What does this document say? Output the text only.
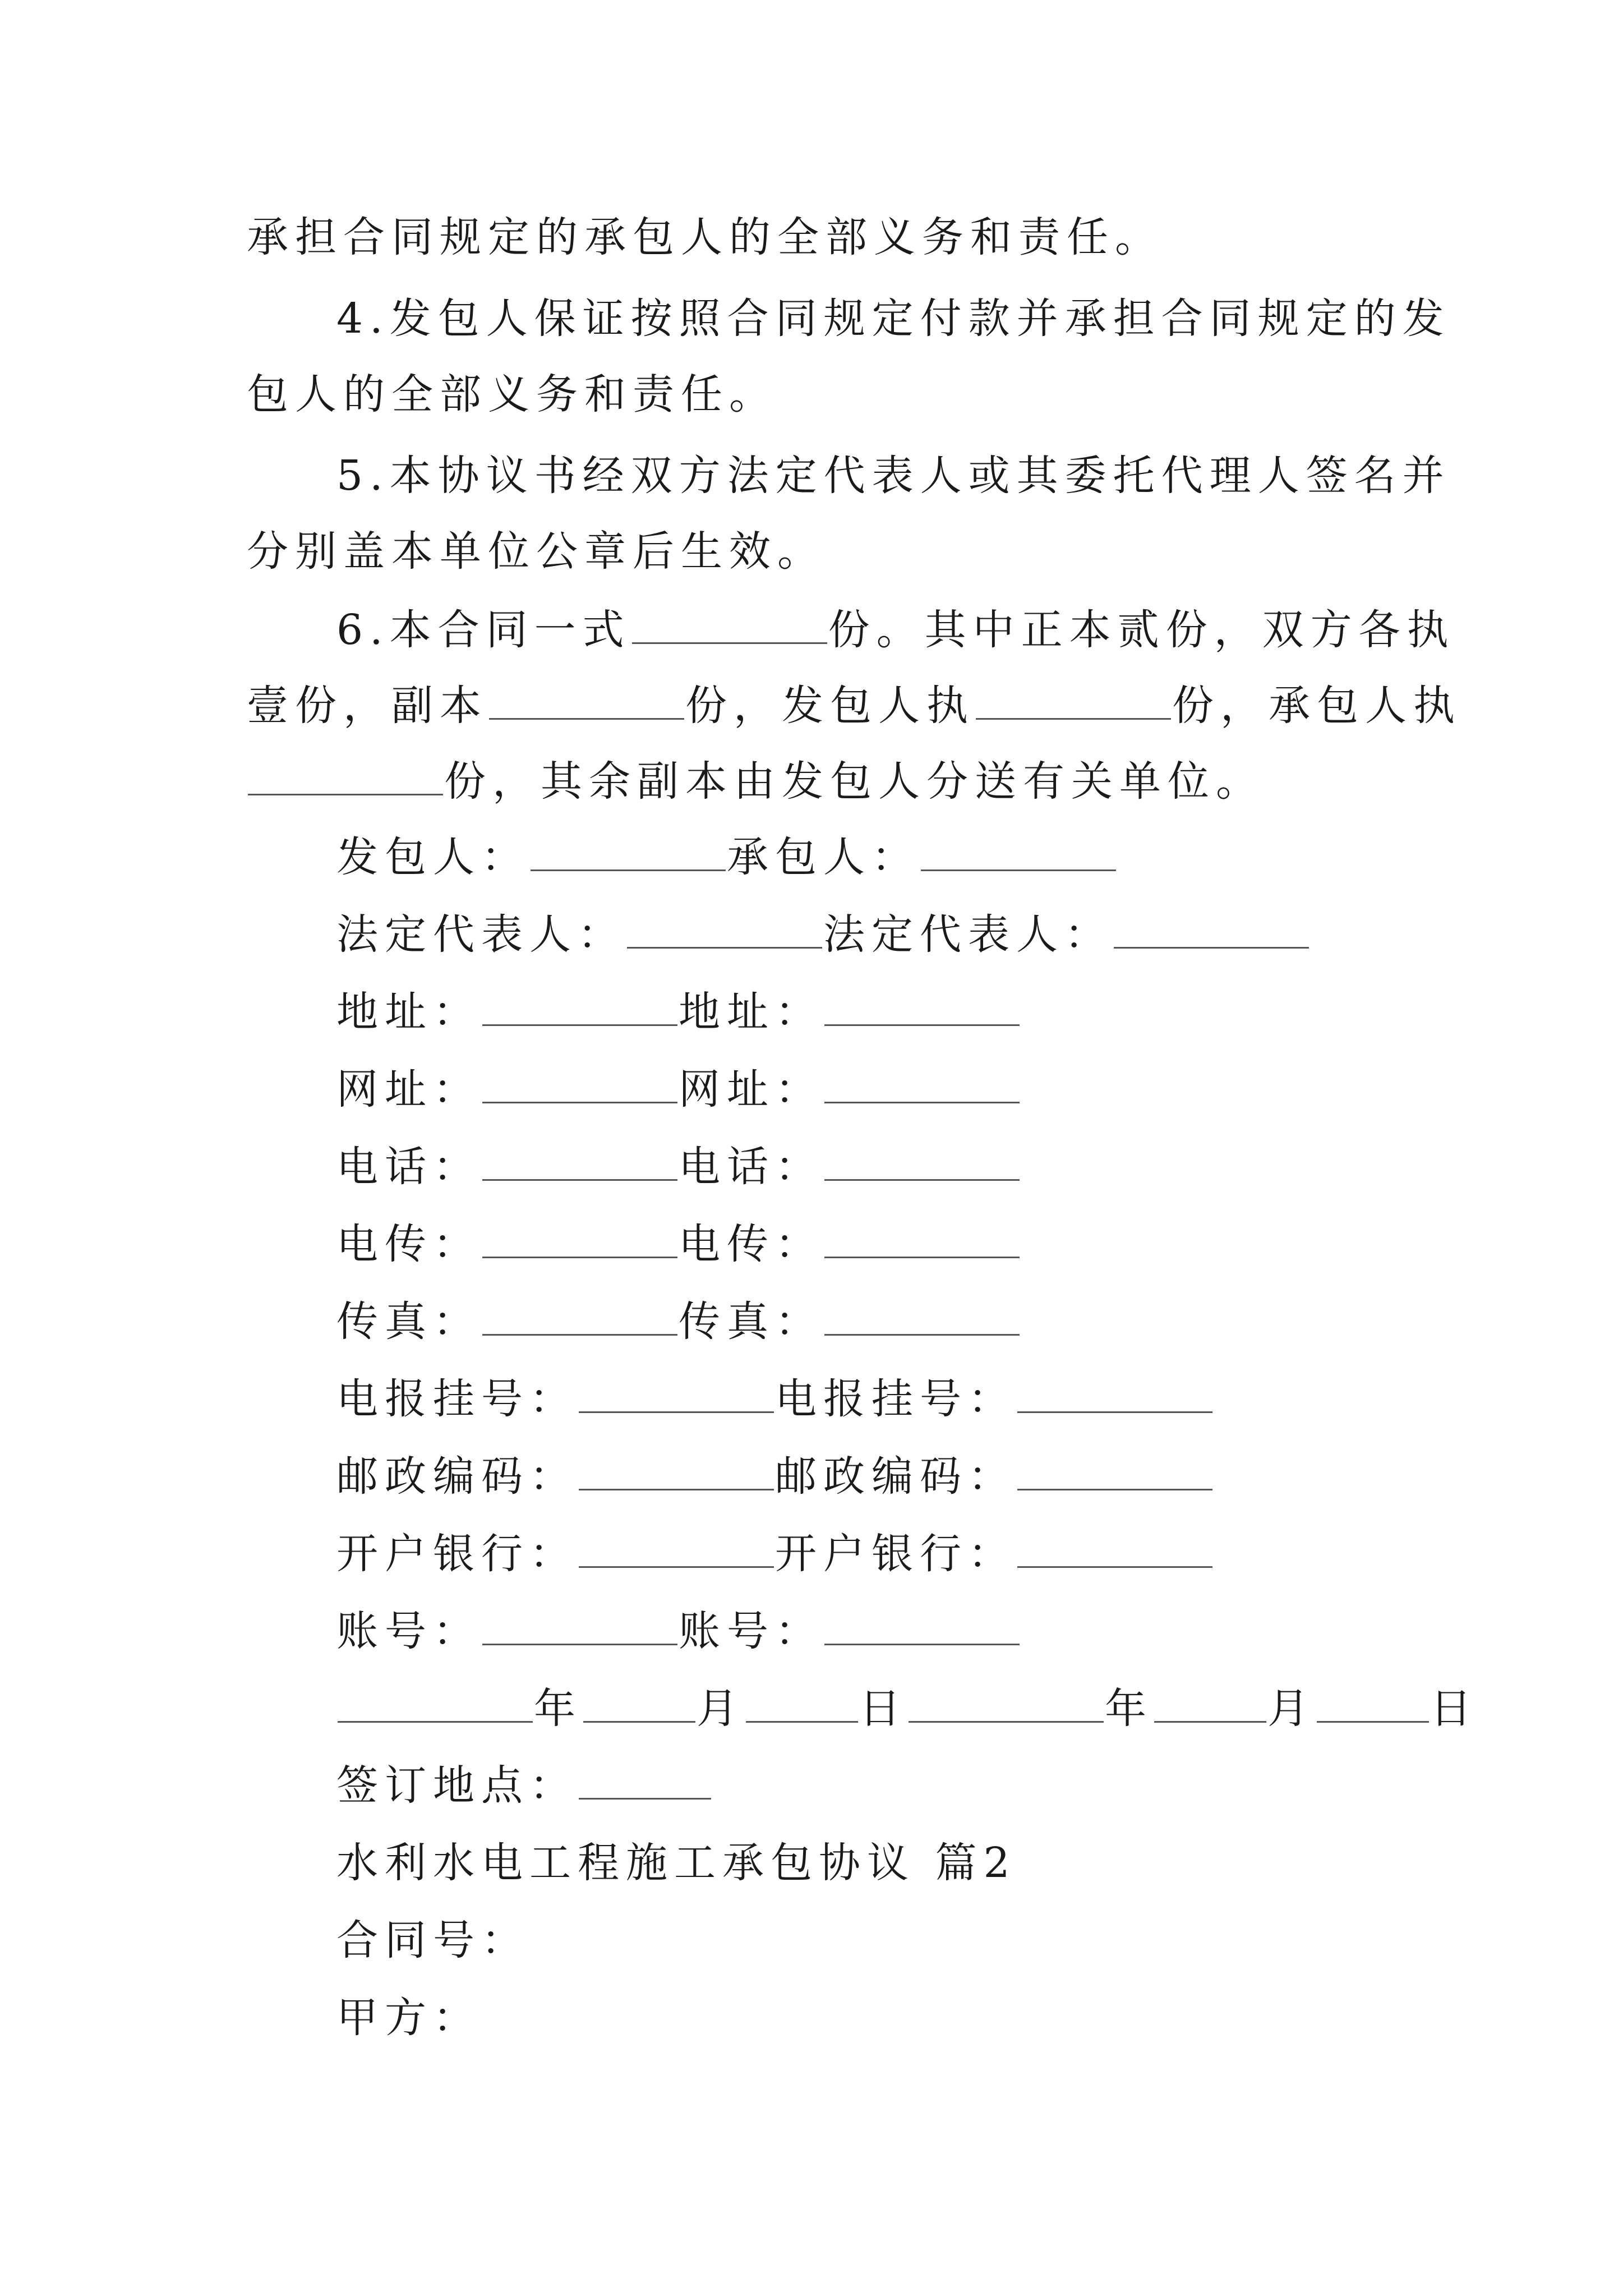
承担合同规定的承包人的全部义务和责任。
4.发包人保证按照合同规定付款并承担合同规定的发
包人的全部义务和责任。
5.本协议书经双方法定代表人或其委托代理人签名并
分别盖本单位公章后生效。
6.本合同一式	份。其中正本贰份，双方各执
壹份，副本	份，发包人执	份，承包人执
份，其余副本由发包人分送有关单位。
发包人：	承包人：
法定代表人：	法定代表人：
地址：	地址：
网址：	网址：
电话：	电话：
电传：	电传：
传真：	传真：
电报挂号：	电报挂号：
邮政编码：	邮政编码：
开户银行：	开户银行：
账号：	账号：
年	月	日	年	月	日
签订地点：
水利水电工程施工承包协议 篇2
合同号：
甲方：
